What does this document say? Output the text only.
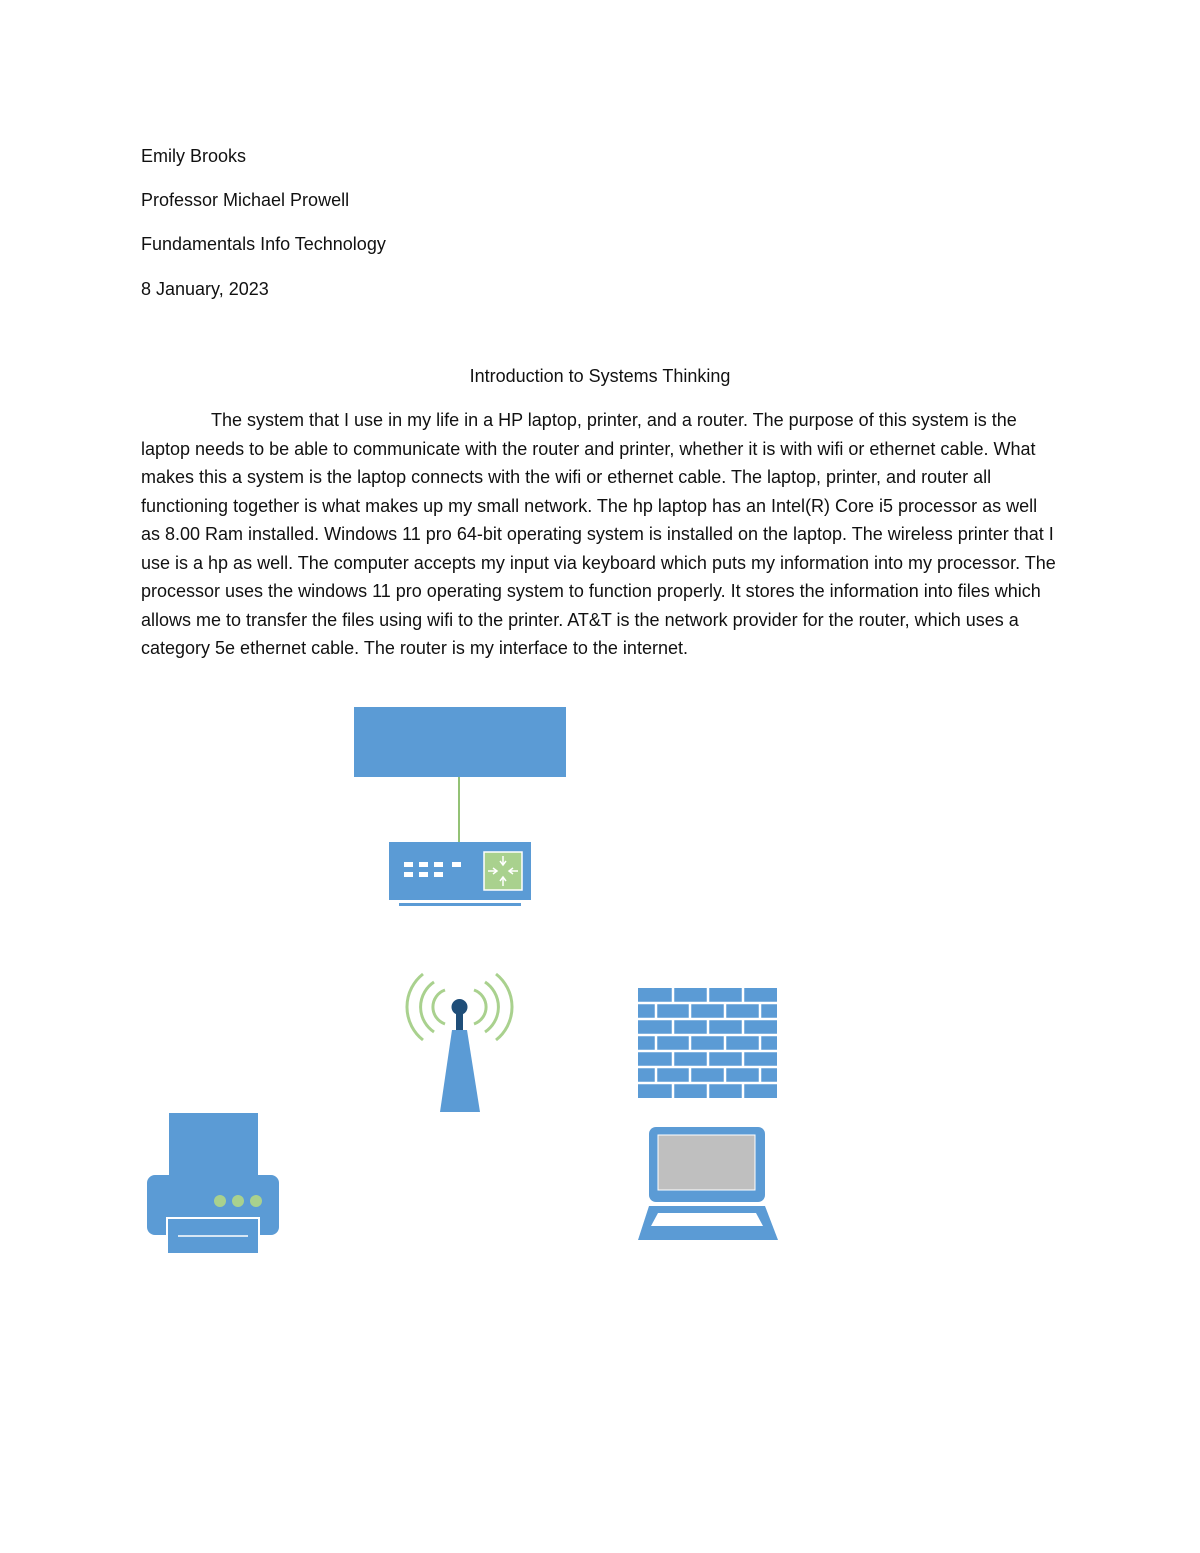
Emily Brooks
Professor Michael Prowell
Fundamentals Info Technology
8 January, 2023
Introduction to Systems Thinking

The system that I use in my life in a HP laptop, printer, and a router. The purpose of this system is the laptop needs to be able to communicate with the router and printer, whether it is with wifi or ethernet cable. What makes this a system is the laptop connects with the wifi or ethernet cable. The laptop, printer, and router all functioning together is what makes up my small network. The hp laptop has an Intel(R) Core i5 processor as well as 8.00 Ram installed. Windows 11 pro 64-bit operating system is installed on the laptop. The wireless printer that I use is a hp as well. The computer accepts my input via keyboard which puts my information into my processor. The processor uses the windows 11 pro operating system to function properly. It stores the information into files which allows me to transfer the files using wifi to the printer. AT&T is the network provider for the router, which uses a category 5e ethernet cable. The router is my interface to the internet.
